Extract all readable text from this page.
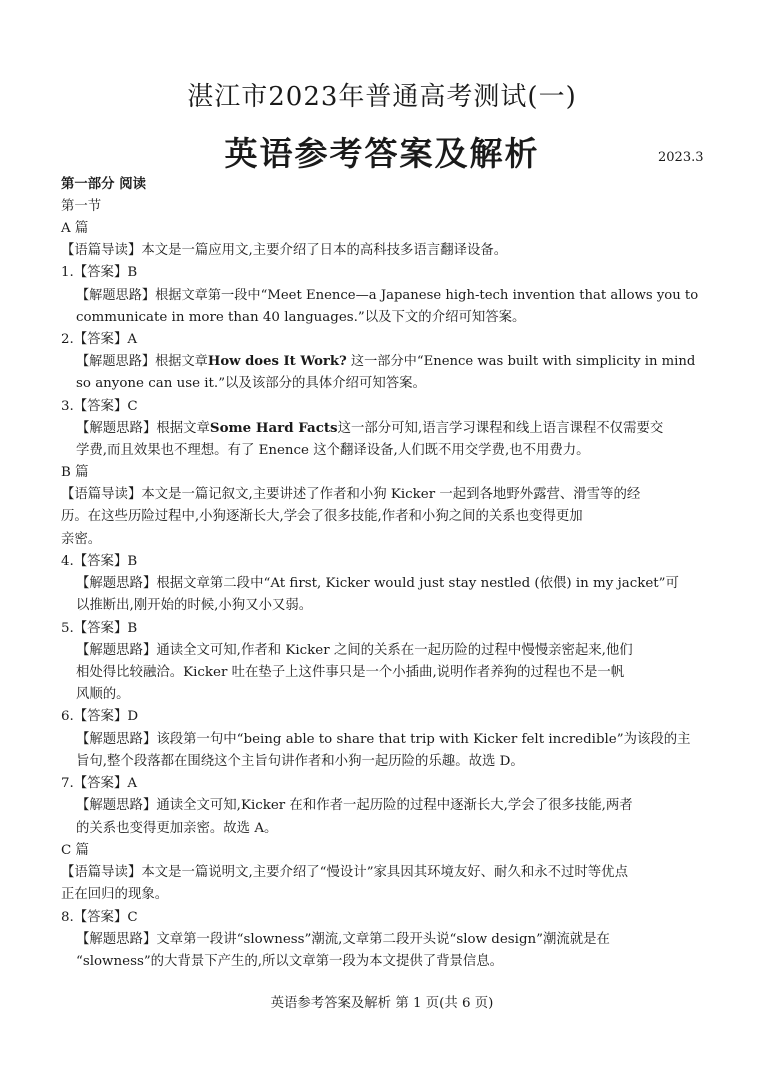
湛江市2023年普通高考测试(一)
英语参考答案及解析	2023.3
第一部分 阅读
第一节
A 篇
【语篇导读】本文是一篇应用文,主要介绍了日本的高科技多语言翻译设备。
1.【答案】B
【解题思路】根据文章第一段中“Meet Enence—a Japanese high-tech invention that allows you to
communicate in more than 40 languages.”以及下文的介绍可知答案。
2.【答案】A
【解题思路】根据文章How does It Work? 这一部分中“Enence was built with simplicity in mind
so anyone can use it.”以及该部分的具体介绍可知答案。
3.【答案】C
【解题思路】根据文章Some Hard Facts这一部分可知,语言学习课程和线上语言课程不仅需要交
学费,而且效果也不理想。有了 Enence 这个翻译设备,人们既不用交学费,也不用费力。
B 篇
【语篇导读】本文是一篇记叙文,主要讲述了作者和小狗 Kicker 一起到各地野外露营、滑雪等的经
历。在这些历险过程中,小狗逐渐长大,学会了很多技能,作者和小狗之间的关系也变得更加
亲密。
4.【答案】B
【解题思路】根据文章第二段中“At first, Kicker would just stay nestled (依偎) in my jacket”可
以推断出,刚开始的时候,小狗又小又弱。
5.【答案】B
【解题思路】通读全文可知,作者和 Kicker 之间的关系在一起历险的过程中慢慢亲密起来,他们
相处得比较融洽。Kicker 吐在垫子上这件事只是一个小插曲,说明作者养狗的过程也不是一帆
风顺的。
6.【答案】D
【解题思路】该段第一句中“being able to share that trip with Kicker felt incredible”为该段的主
旨句,整个段落都在围绕这个主旨句讲作者和小狗一起历险的乐趣。故选 D。
7.【答案】A
【解题思路】通读全文可知,Kicker 在和作者一起历险的过程中逐渐长大,学会了很多技能,两者
的关系也变得更加亲密。故选 A。
C 篇
【语篇导读】本文是一篇说明文,主要介绍了“慢设计”家具因其环境友好、耐久和永不过时等优点
正在回归的现象。
8.【答案】C
【解题思路】文章第一段讲“slowness”潮流,文章第二段开头说“slow design”潮流就是在
“slowness”的大背景下产生的,所以文章第一段为本文提供了背景信息。
英语参考答案及解析 第 1 页(共 6 页)
